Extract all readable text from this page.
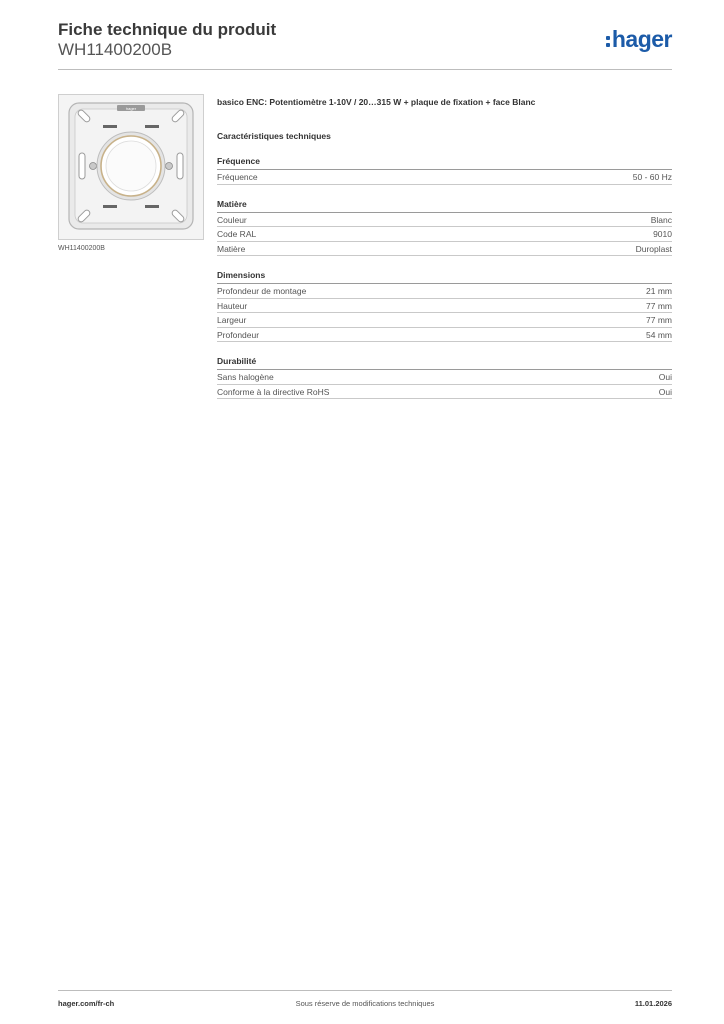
Fiche technique du produit
WH11400200B	hager
hager
WH11400200B
basico ENC: Potentiomètre 1-10V / 20…315 W + plaque de fixation + face Blanc
Caractéristiques techniques
Fréquence
Fréquence	50 - 60 Hz
Matière
Couleur	Blanc
Code RAL	9010
Matière	Duroplast
Dimensions
Profondeur de montage	21 mm
Hauteur	77 mm
Largeur	77 mm
Profondeur	54 mm
Durabilité
Sans halogène	Oui
Conforme à la directive RoHS	Oui
hager.com/fr-ch	Sous réserve de modifications techniques	11.01.2026
